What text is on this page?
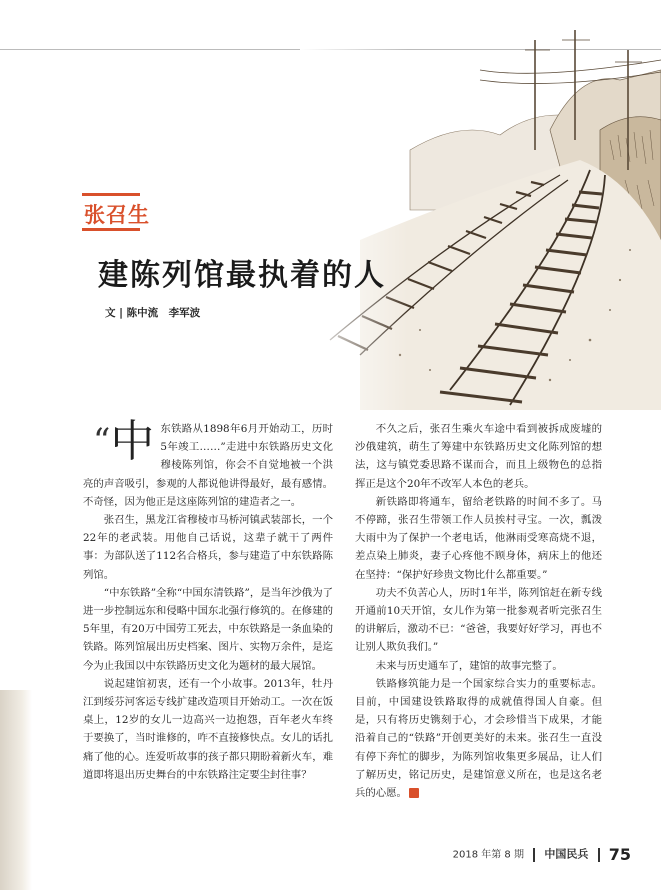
张召生
建陈列馆最执着的人
文 | 陈中流　李军波

“ 中 东铁路从1898年6月开始动工，历时5年竣工……”走进中东铁路历史文化穆棱陈列馆，你会不自觉地被一个洪亮的声音吸引，参观的人都说他讲得最好，最有感情。不奇怪，因为他正是这座陈列馆的建造者之一。

张召生，黑龙江省穆棱市马桥河镇武装部长，一个22年的老武装。用他自己话说，这辈子就干了两件事：为部队送了112名合格兵，参与建造了中东铁路陈列馆。

“中东铁路”全称“中国东清铁路”，是当年沙俄为了进一步控制远东和侵略中国东北强行修筑的。在修建的5年里，有20万中国劳工死去，中东铁路是一条血染的铁路。陈列馆展出历史档案、图片、实物万余件，是迄今为止我国以中东铁路历史文化为题材的最大展馆。

说起建馆初衷，还有一个小故事。2013年，牡丹江到绥芬河客运专线扩建改造项目开始动工。一次在饭桌上，12岁的女儿一边高兴一边抱怨，百年老火车终于要换了，当时谁修的，咋不直接修快点。女儿的话扎痛了他的心。连爱听故事的孩子都只期盼着新火车，难道即将退出历史舞台的中东铁路注定要尘封往事？

不久之后，张召生乘火车途中看到被拆成废墟的沙俄建筑，萌生了筹建中东铁路历史文化陈列馆的想法，这与镇党委思路不谋而合，而且上级物色的总指挥正是这个20年不改军人本色的老兵。

新铁路即将通车，留给老铁路的时间不多了。马不停蹄，张召生带领工作人员挨村寻宝。一次，瓢泼大雨中为了保护一个老电话，他淋雨受寒高烧不退，差点染上肺炎，妻子心疼他不顾身体，病床上的他还在坚持：“保护好珍贵文物比什么都重要。”

功夫不负苦心人，历时1年半，陈列馆赶在新专线开通前10天开馆，女儿作为第一批参观者听完张召生的讲解后，激动不已：“爸爸，我要好好学习，再也不让别人欺负我们。”

未来与历史通车了，建馆的故事完整了。

铁路修筑能力是一个国家综合实力的重要标志。目前，中国建设铁路取得的成就值得国人自豪。但是，只有将历史镌刻于心，才会珍惜当下成果，才能沿着自己的“铁路”开创更美好的未来。张召生一直没有停下奔忙的脚步，为陈列馆收集更多展品，让人们了解历史，铭记历史，是建馆意义所在，也是这名老兵的心愿。	兵

2018 年第 8 期 中国民兵 75
